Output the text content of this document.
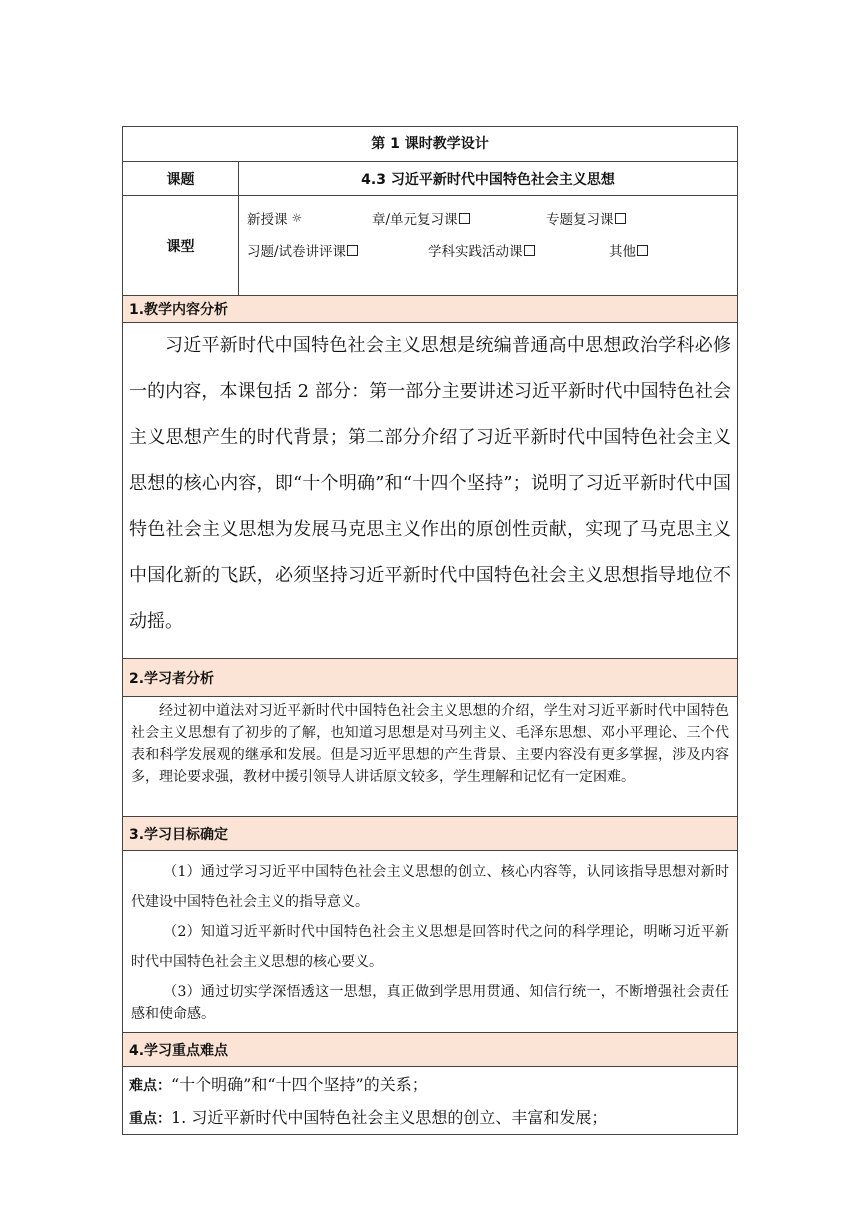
第 1 课时教学设计
课题	4.3 习近平新时代中国特色社会主义思想
课型
新授课 ☼	章/单元复习课	专题复习课
习题/试卷讲评课	学科实践活动课	其他
1.教学内容分析

习近平新时代中国特色社会主义思想是统编普通高中思想政治学科必修一的内容，本课包括 2 部分：第一部分主要讲述习近平新时代中国特色社会主义思想产生的时代背景；第二部分介绍了习近平新时代中国特色社会主义思想的核心内容，即“十个明确”和“十四个坚持”；说明了习近平新时代中国特色社会主义思想为发展马克思主义作出的原创性贡献，实现了马克思主义中国化新的飞跃，必须坚持习近平新时代中国特色社会主义思想指导地位不动摇。

2.学习者分析

经过初中道法对习近平新时代中国特色社会主义思想的介绍，学生对习近平新时代中国特色社会主义思想有了初步的了解，也知道习思想是对马列主义、毛泽东思想、邓小平理论、三个代表和科学发展观的继承和发展。但是习近平思想的产生背景、主要内容没有更多掌握，涉及内容多，理论要求强，教材中援引领导人讲话原文较多，学生理解和记忆有一定困难。

3.学习目标确定

（1）通过学习习近平中国特色社会主义思想的创立、核心内容等，认同该指导思想对新时代建设中国特色社会主义的指导意义。

（2）知道习近平新时代中国特色社会主义思想是回答时代之问的科学理论，明晰习近平新时代中国特色社会主义思想的核心要义。

（3）通过切实学深悟透这一思想，真正做到学思用贯通、知信行统一，不断增强社会责任感和使命感。

4.学习重点难点
难点：“十个明确”和“十四个坚持”的关系；
重点：1. 习近平新时代中国特色社会主义思想的创立、丰富和发展；
